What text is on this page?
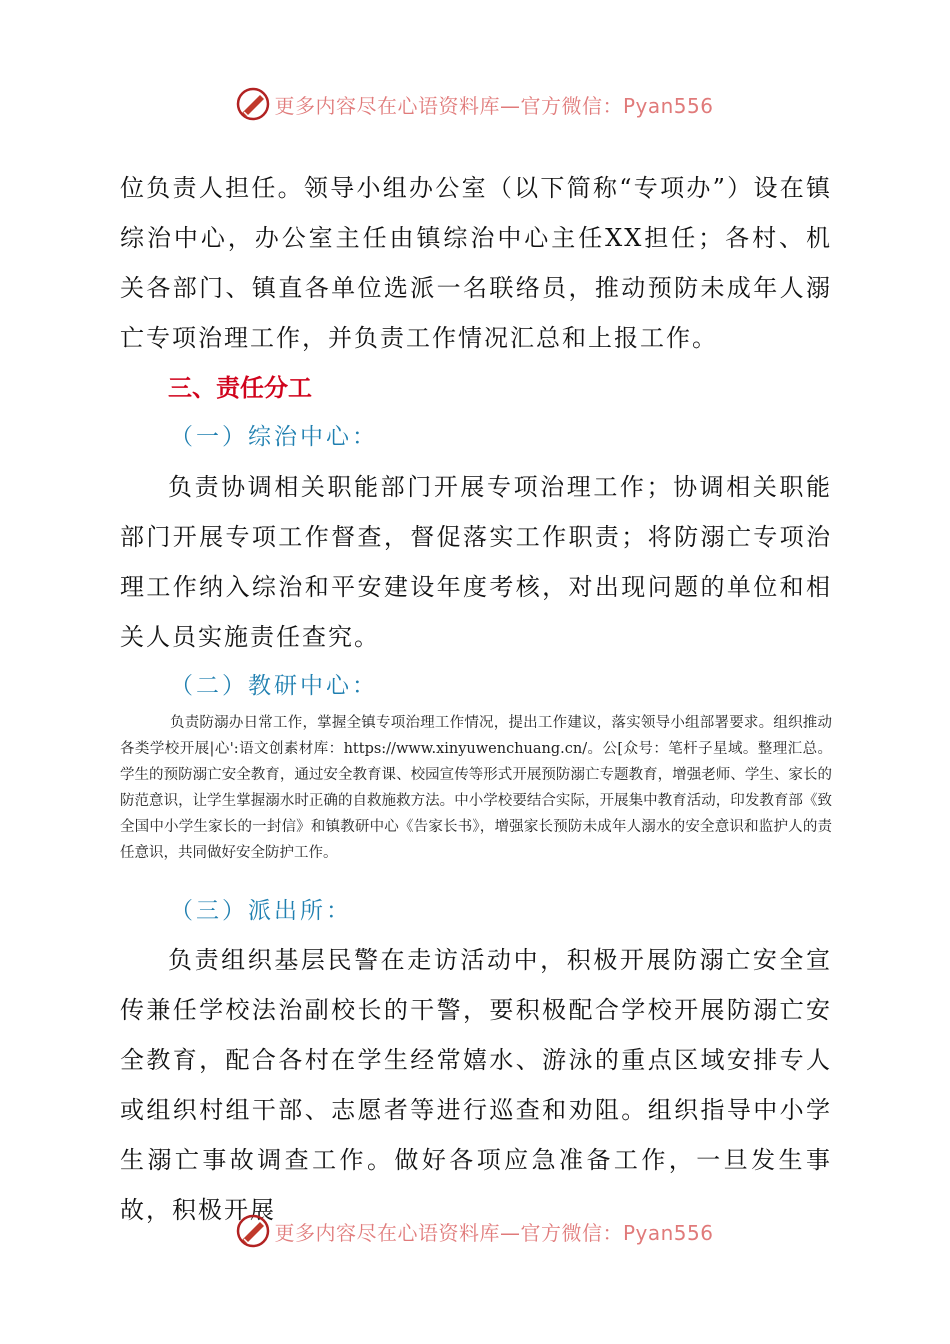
更多内容尽在心语资料库—官方微信：Pyan556

位负责人担任。领导小组办公室（以下简称“专项办”）设在镇综治中心，办公室主任由镇综治中心主任XX担任；各村、机关各部门、镇直各单位选派一名联络员，推动预防未成年人溺亡专项治理工作，并负责工作情况汇总和上报工作。

三、责任分工

（一）综治中心：

负责协调相关职能部门开展专项治理工作；协调相关职能部门开展专项工作督查，督促落实工作职责；将防溺亡专项治理工作纳入综治和平安建设年度考核，对出现问题的单位和相关人员实施责任查究。

（二）教研中心：

负责防溺办日常工作，掌握全镇专项治理工作情况，提出工作建议，落实领导小组部署要求。组织推动各类学校开展|心':语文创素材库：https://www.xinyuwenchuang.cn/。公[众号：笔杆子星域。整理汇总。学生的预防溺亡安全教育，通过安全教育课、校园宣传等形式开展预防溺亡专题教育，增强老师、学生、家长的防范意识，让学生掌握溺水时正确的自救施救方法。中小学校要结合实际，开展集中教育活动，印发教育部《致全国中小学生家长的一封信》和镇教研中心《告家长书》，增强家长预防未成年人溺水的安全意识和监护人的责任意识，共同做好安全防护工作。

（三）派出所：

负责组织基层民警在走访活动中，积极开展防溺亡安全宣传兼任学校法治副校长的干警，要积极配合学校开展防溺亡安全教育，配合各村在学生经常嬉水、游泳的重点区域安排专人或组织村组干部、志愿者等进行巡查和劝阻。组织指导中小学生溺亡事故调查工作。做好各项应急准备工作，一旦发生事故，积极开展

更多内容尽在心语资料库—官方微信：Pyan556
